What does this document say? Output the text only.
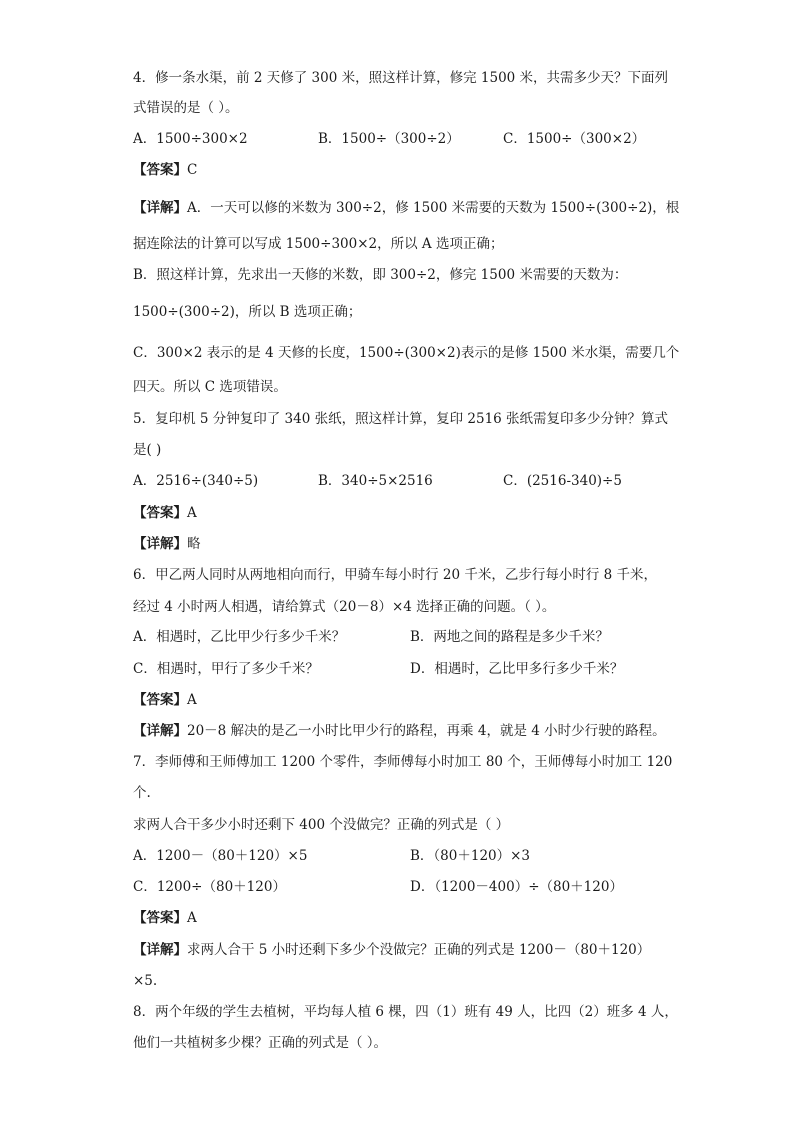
4．修一条水渠，前 2 天修了 300 米，照这样计算，修完 1500 米，共需多少天？下面列
式错误的是（ ）。
A．1500÷300×2	B．1500÷（300÷2）	C．1500÷（300×2）
【答案】C
【详解】A．一天可以修的米数为 300÷2，修 1500 米需要的天数为 1500÷(300÷2)，根
据连除法的计算可以写成 1500÷300×2，所以 A 选项正确；
B．照这样计算，先求出一天修的米数，即 300÷2，修完 1500 米需要的天数为：
1500÷(300÷2)，所以 B 选项正确；
C．300×2 表示的是 4 天修的长度，1500÷(300×2)表示的是修 1500 米水渠，需要几个
四天。所以 C 选项错误。
5．复印机 5 分钟复印了 340 张纸，照这样计算，复印 2516 张纸需复印多少分钟？算式
是( )
A．2516÷(340÷5)	B．340÷5×2516	C．(2516-340)÷5
【答案】A
【详解】略
6．甲乙两人同时从两地相向而行，甲骑车每小时行 20 千米，乙步行每小时行 8 千米，
经过 4 小时两人相遇，请给算式（20－8）×4 选择正确的问题。（ ）。
A．相遇时，乙比甲少行多少千米？	B．两地之间的路程是多少千米？
C．相遇时，甲行了多少千米？	D．相遇时，乙比甲多行多少千米？
【答案】A
【详解】20－8 解决的是乙一小时比甲少行的路程，再乘 4，就是 4 小时少行驶的路程。
7．李师傅和王师傅加工 1200 个零件，李师傅每小时加工 80 个，王师傅每小时加工 120
个.
求两人合干多少小时还剩下 400 个没做完？正确的列式是（ ）
A．1200－（80＋120）×5	B．（80＋120）×3
C．1200÷（80＋120）	D．（1200－400）÷（80＋120）
【答案】A
【详解】求两人合干 5 小时还剩下多少个没做完？正确的列式是 1200－（80＋120）
×5.
8．两个年级的学生去植树，平均每人植 6 棵，四（1）班有 49 人，比四（2）班多 4 人，
他们一共植树多少棵？正确的列式是（ ）。
